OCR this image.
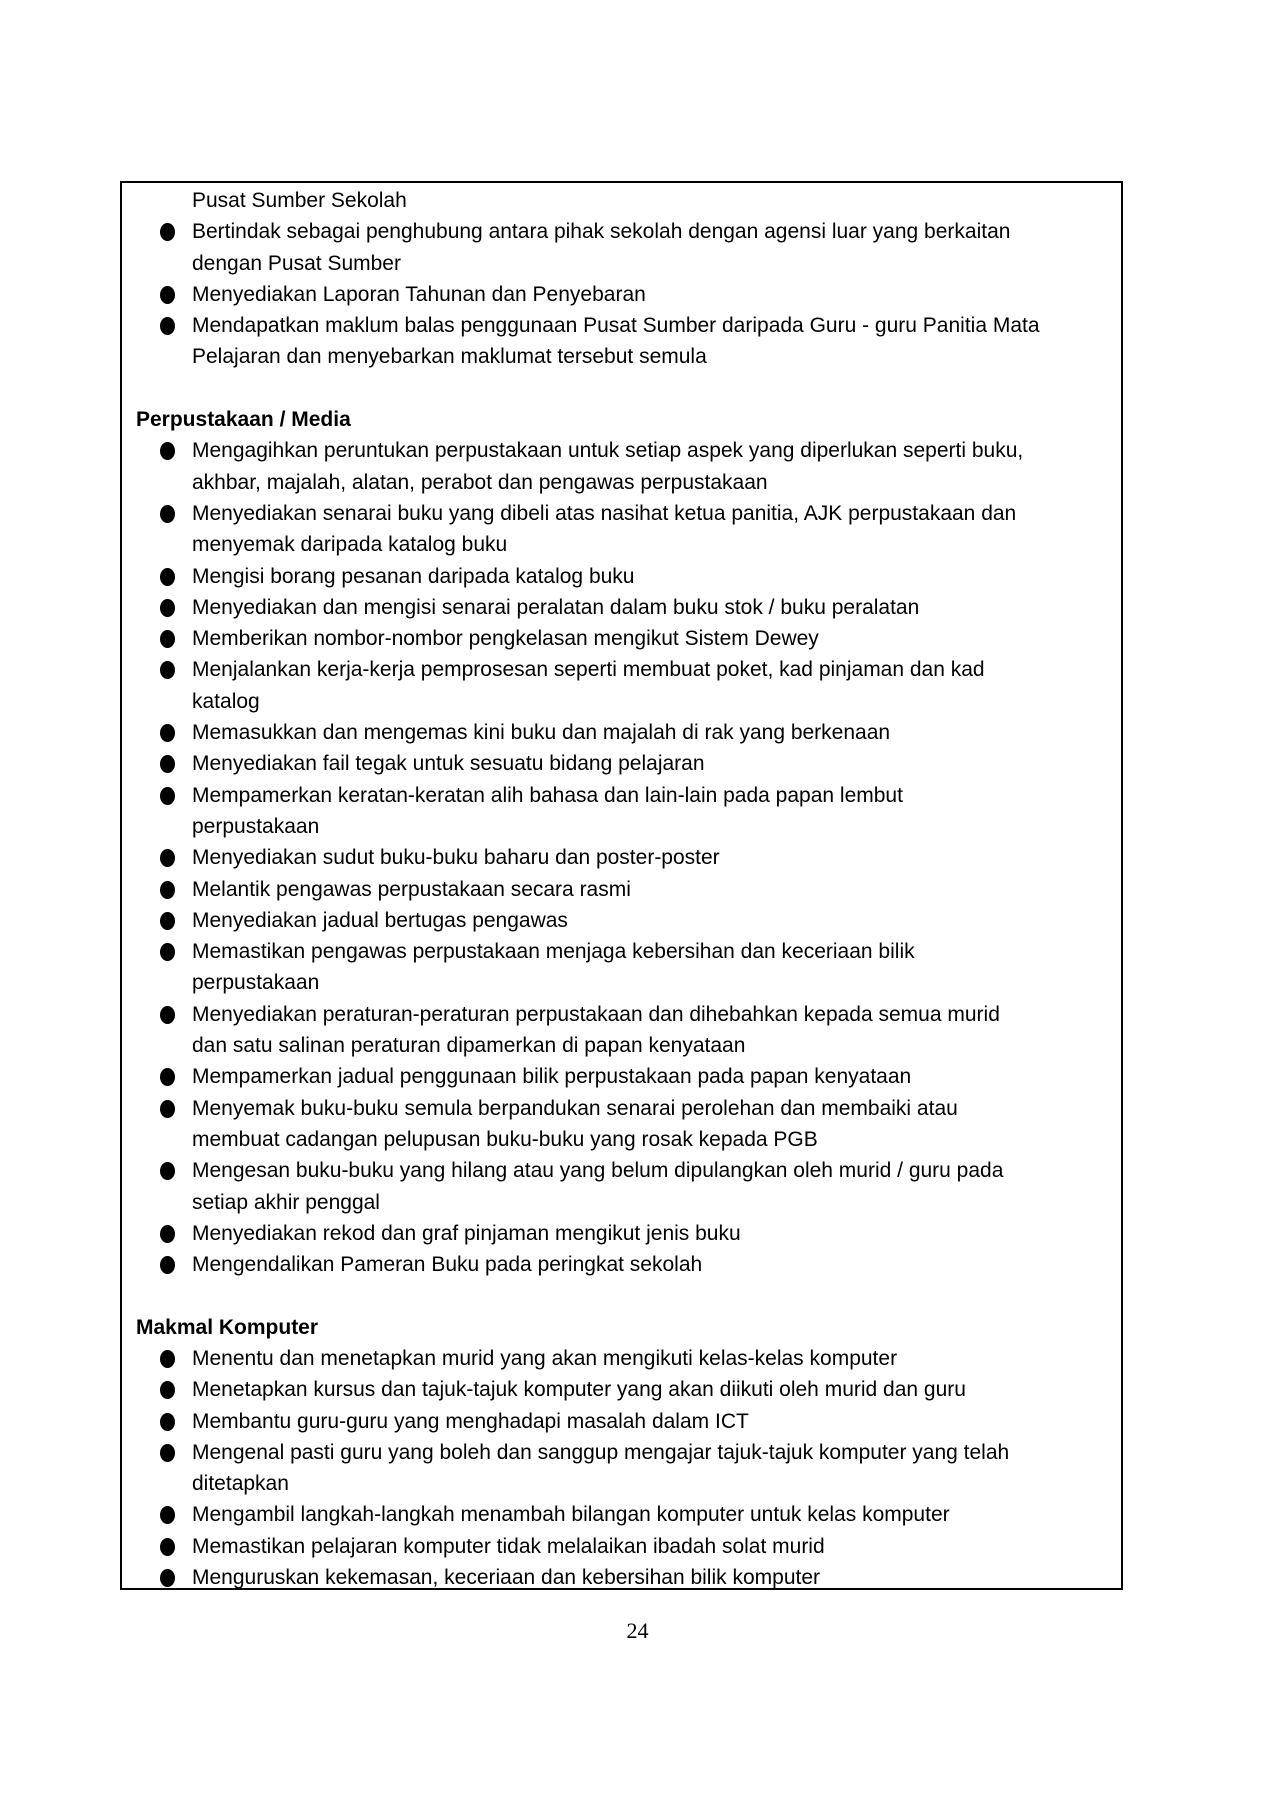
Pusat Sumber Sekolah
Bertindak sebagai penghubung antara pihak sekolah dengan agensi luar yang berkaitan
dengan Pusat Sumber
Menyediakan Laporan Tahunan dan Penyebaran
Mendapatkan maklum balas penggunaan Pusat Sumber daripada Guru - guru Panitia Mata
Pelajaran dan menyebarkan maklumat tersebut semula
Perpustakaan / Media
Mengagihkan peruntukan perpustakaan untuk setiap aspek yang diperlukan seperti buku,
akhbar, majalah, alatan, perabot dan pengawas perpustakaan
Menyediakan senarai buku yang dibeli atas nasihat ketua panitia, AJK perpustakaan dan
menyemak daripada katalog buku
Mengisi borang pesanan daripada katalog buku
Menyediakan dan mengisi senarai peralatan dalam buku stok / buku peralatan
Memberikan nombor-nombor pengkelasan mengikut Sistem Dewey
Menjalankan kerja-kerja pemprosesan seperti membuat poket, kad pinjaman dan kad
katalog
Memasukkan dan mengemas kini buku dan majalah di rak yang berkenaan
Menyediakan fail tegak untuk sesuatu bidang pelajaran
Mempamerkan keratan-keratan alih bahasa dan lain-lain pada papan lembut
perpustakaan
Menyediakan sudut buku-buku baharu dan poster-poster
Melantik pengawas perpustakaan secara rasmi
Menyediakan jadual bertugas pengawas
Memastikan pengawas perpustakaan menjaga kebersihan dan keceriaan bilik
perpustakaan
Menyediakan peraturan-peraturan perpustakaan dan dihebahkan kepada semua murid
dan satu salinan peraturan dipamerkan di papan kenyataan
Mempamerkan jadual penggunaan bilik perpustakaan pada papan kenyataan
Menyemak buku-buku semula berpandukan senarai perolehan dan membaiki atau
membuat cadangan pelupusan buku-buku yang rosak kepada PGB
Mengesan buku-buku yang hilang atau yang belum dipulangkan oleh murid / guru pada
setiap akhir penggal
Menyediakan rekod dan graf pinjaman mengikut jenis buku
Mengendalikan Pameran Buku pada peringkat sekolah
Makmal Komputer
Menentu dan menetapkan murid yang akan mengikuti kelas-kelas komputer
Menetapkan kursus dan tajuk-tajuk komputer yang akan diikuti oleh murid dan guru
Membantu guru-guru yang menghadapi masalah dalam ICT
Mengenal pasti guru yang boleh dan sanggup mengajar tajuk-tajuk komputer yang telah
ditetapkan
Mengambil langkah-langkah menambah bilangan komputer untuk kelas komputer
Memastikan pelajaran komputer tidak melalaikan ibadah solat murid
Menguruskan kekemasan, keceriaan dan kebersihan bilik komputer
24
